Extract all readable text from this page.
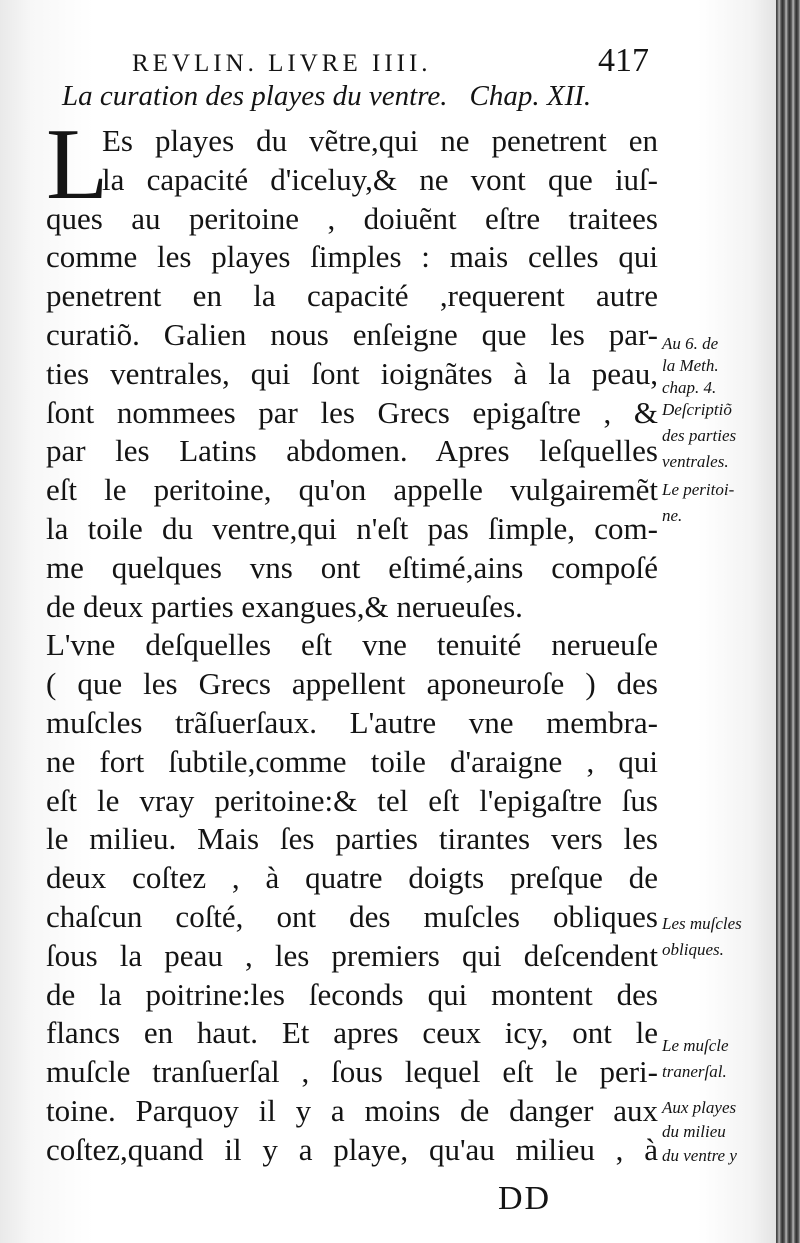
REVLIN. LIVRE IIII.	417
La curation des playes du ventre. Chap. XII.
L
Es playes du vẽtre,qui ne penetrent en
la capacité d'iceluy,& ne vont que iuſ-
ques au peritoine , doiuẽnt eſtre traitees
comme les playes ſimples : mais celles qui
penetrent en la capacité ,requerent autre
curatiõ. Galien nous enſeigne que les par-
ties ventrales, qui ſont ioignãtes à la peau,
ſont nommees par les Grecs epigaſtre , &
par les Latins abdomen. Apres leſquelles
eſt le peritoine, qu'on appelle vulgairemẽt
la toile du ventre,qui n'eſt pas ſimple, com-
me quelques vns ont eſtimé,ains compoſé
de deux parties exangues,& nerueuſes.
L'vne deſquelles eſt vne tenuité nerueuſe
( que les Grecs appellent aponeuroſe ) des
muſcles trãſuerſaux. L'autre vne membra-
ne fort ſubtile,comme toile d'araigne , qui
eſt le vray peritoine:& tel eſt l'epigaſtre ſus
le milieu. Mais ſes parties tirantes vers les
deux coſtez , à quatre doigts preſque de
chaſcun coſté, ont des muſcles obliques
ſous la peau , les premiers qui deſcendent
de la poitrine:les ſeconds qui montent des
flancs en haut. Et apres ceux icy, ont le
muſcle tranſuerſal , ſous lequel eſt le peri-
toine. Parquoy il y a moins de danger aux
coſtez,quand il y a playe, qu'au milieu , à
Au 6. de
la Meth.
chap. 4.
Deſcriptiõ
des parties
ventrales.
Le peritoi-
ne.
Les muſcles
obliques.
Le muſcle
tranerſal.
Aux playes
du milieu
du ventre y
DD
